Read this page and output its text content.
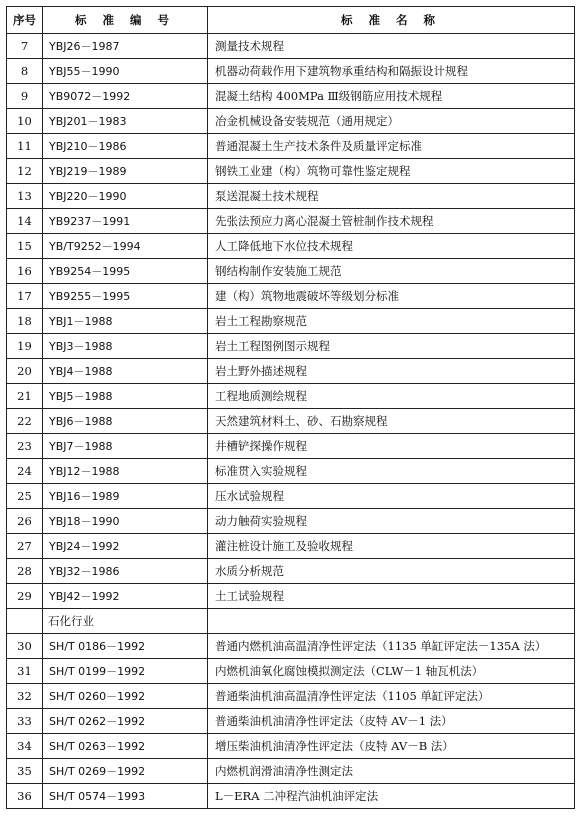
序号	标 准 编 号	标 准 名 称
7	YBJ26－1987	测量技术规程
8	YBJ55－1990	机器动荷载作用下建筑物承重结构和隔振设计规程
9	YB9072－1992	混凝土结构 400MPa Ⅲ级钢筋应用技术规程
10	YBJ201－1983	冶金机械设备安装规范（通用规定）
11	YBJ210－1986	普通混凝土生产技术条件及质量评定标准
12	YBJ219－1989	钢铁工业建（构）筑物可靠性鉴定规程
13	YBJ220－1990	泵送混凝土技术规程
14	YB9237－1991	先张法预应力离心混凝土管桩制作技术规程
15	YB/T9252－1994	人工降低地下水位技术规程
16	YB9254－1995	钢结构制作安装施工规范
17	YB9255－1995	建（构）筑物地震破坏等级划分标准
18	YBJ1－1988	岩土工程勘察规范
19	YBJ3－1988	岩土工程图例图示规程
20	YBJ4－1988	岩土野外描述规程
21	YBJ5－1988	工程地质测绘规程
22	YBJ6－1988	天然建筑材料土、砂、石勘察规程
23	YBJ7－1988	井槽铲探操作规程
24	YBJ12－1988	标准贯入实验规程
25	YBJ16－1989	压水试验规程
26	YBJ18－1990	动力触荷实验规程
27	YBJ24－1992	灌注桩设计施工及验收规程
28	YBJ32－1986	水质分析规范
29	YBJ42－1992	土工试验规程
	石化行业	
30	SH/T 0186－1992	普通内燃机油高温清净性评定法（1135 单缸评定法－135A 法）
31	SH/T 0199－1992	内燃机油氧化腐蚀模拟测定法（CLW－1 轴瓦机法）
32	SH/T 0260－1992	普通柴油机油高温清净性评定法（1105 单缸评定法）
33	SH/T 0262－1992	普通柴油机油清净性评定法（皮特 AV－1 法）
34	SH/T 0263－1992	增压柴油机油清净性评定法（皮特 AV－B 法）
35	SH/T 0269－1992	内燃机润滑油清净性测定法
36	SH/T 0574－1993	L－ERA 二冲程汽油机油评定法
